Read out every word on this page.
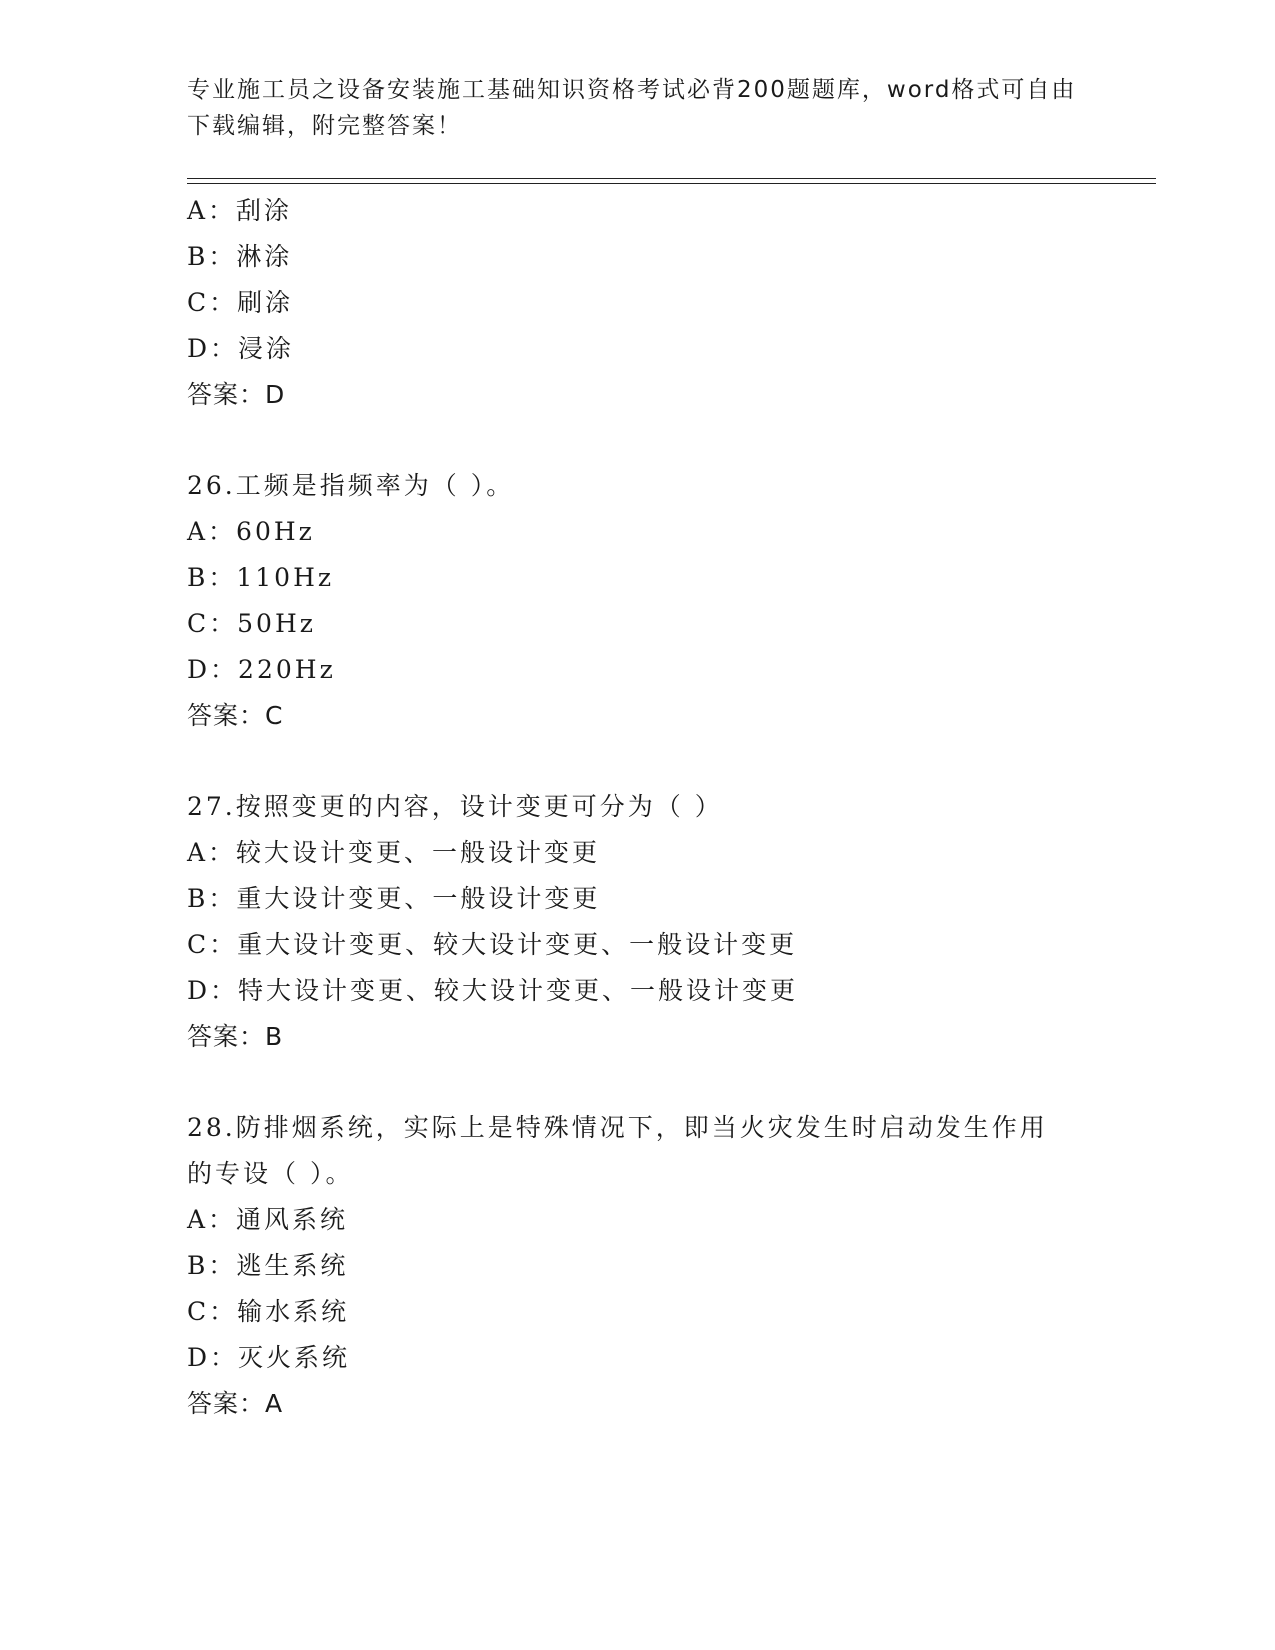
专业施工员之设备安装施工基础知识资格考试必背200题题库，word格式可自由
下载编辑，附完整答案！
A：刮涂
B：淋涂
C：刷涂
D：浸涂
答案：D
26.工频是指频率为（ ）。
A：60Hz
B：110Hz
C：50Hz
D：220Hz
答案：C
27.按照变更的内容，设计变更可分为（ ）
A：较大设计变更、一般设计变更
B：重大设计变更、一般设计变更
C：重大设计变更、较大设计变更、一般设计变更
D：特大设计变更、较大设计变更、一般设计变更
答案：B
28.防排烟系统，实际上是特殊情况下，即当火灾发生时启动发生作用
的专设（ ）。
A：通风系统
B：逃生系统
C：输水系统
D：灭火系统
答案：A
